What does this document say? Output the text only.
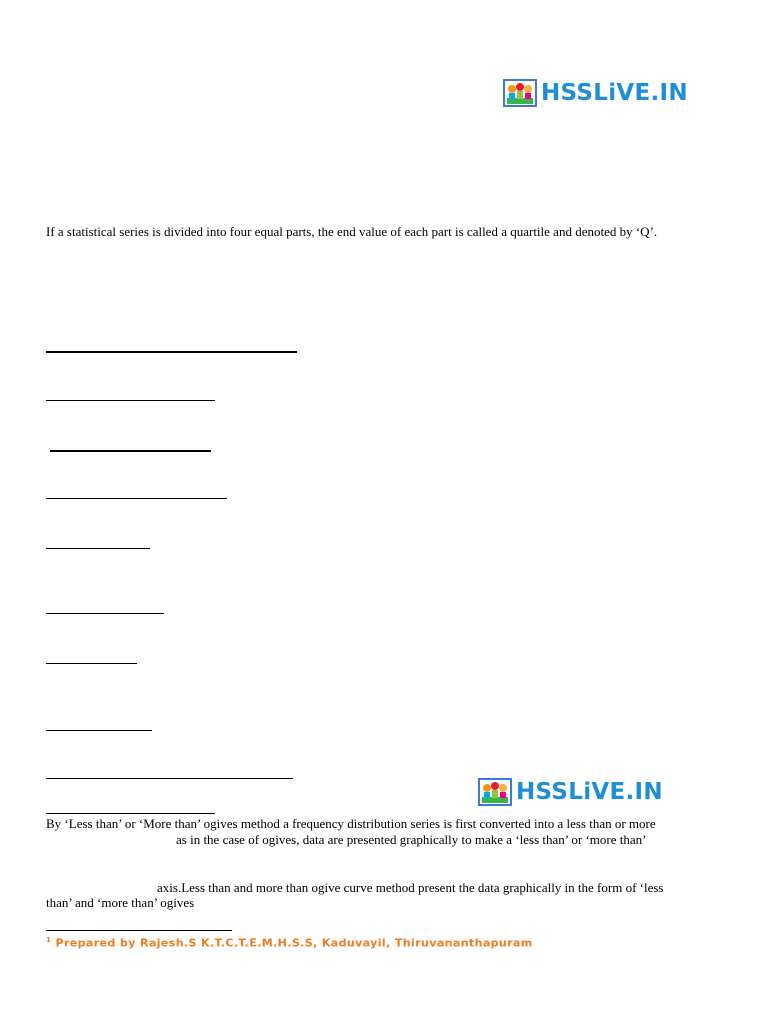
HSSLiVE.IN
If a statistical series is divided into four equal parts, the end value of each part is called a quartile and denoted by ‘Q’.
HSSLiVE.IN
By ‘Less than’ or ‘More than’ ogives method a frequency distribution series is first converted into a less than or more
as in the case of ogives, data are presented graphically to make a ‘less than’ or ‘more than’
axis.Less than and more than ogive curve method present the data graphically in the form of ‘less
than’ and ‘more than’ ogives
$^1$ Prepared by Rajesh.S K.T.C.T.E.M.H.S.S, Kaduvayil, Thiruvananthapuram
